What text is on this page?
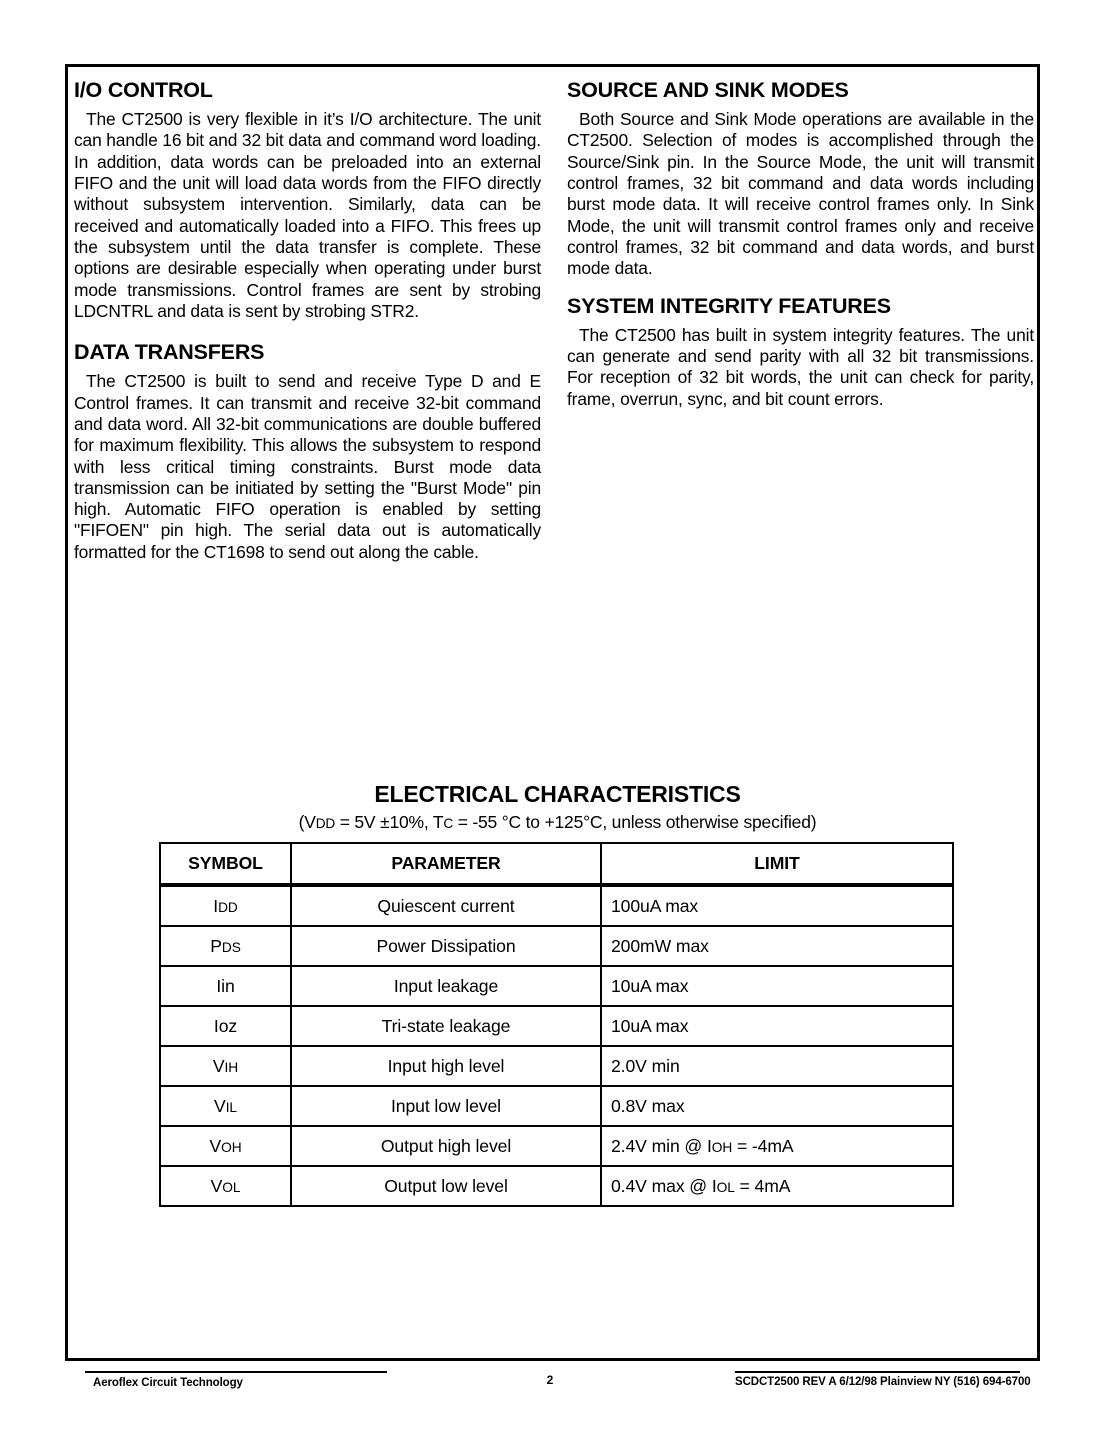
I/O CONTROL

The CT2500 is very flexible in it’s I/O architecture. The unit can handle 16 bit and 32 bit data and command word loading. In addition, data words can be preloaded into an external FIFO and the unit will load data words from the FIFO directly without subsystem intervention. Similarly, data can be received and automatically loaded into a FIFO. This frees up the subsystem until the data transfer is complete. These options are desirable especially when operating under burst mode transmissions. Control frames are sent by strobing LDCNTRL and data is sent by strobing STR2.

DATA TRANSFERS

The CT2500 is built to send and receive Type D and E Control frames. It can transmit and receive 32-bit command and data word. All 32-bit communications are double buffered for maximum flexibility. This allows the subsystem to respond with less critical timing constraints. Burst mode data transmission can be initiated by setting the "Burst Mode" pin high. Automatic FIFO operation is enabled by setting "FIFOEN" pin high. The serial data out is automatically formatted for the CT1698 to send out along the cable.

SOURCE AND SINK MODES

Both Source and Sink Mode operations are available in the CT2500. Selection of modes is accomplished through the Source/Sink pin. In the Source Mode, the unit will transmit control frames, 32 bit command and data words including burst mode data. It will receive control frames only. In Sink Mode, the unit will transmit control frames only and receive control frames, 32 bit command and data words, and burst mode data.

SYSTEM INTEGRITY FEATURES

The CT2500 has built in system integrity features. The unit can generate and send parity with all 32 bit transmissions. For reception of 32 bit words, the unit can check for parity, frame, overrun, sync, and bit count errors.

ELECTRICAL CHARACTERISTICS
(VDD = 5V ±10%, TC = -55 °C to +125°C, unless otherwise specified)
SYMBOL	PARAMETER	LIMIT
IDD	Quiescent current	100uA max
PDS	Power Dissipation	200mW max
Iin	Input leakage	10uA max
Ioz	Tri-state leakage	10uA max
VIH	Input high level	2.0V min
VIL	Input low level	0.8V max
VOH	Output high level	2.4V min @ IOH = -4mA
VOL	Output low level	0.4V max @ IOL = 4mA
Aeroflex Circuit Technology	2	SCDCT2500 REV A 6/12/98 Plainview NY (516) 694-6700
